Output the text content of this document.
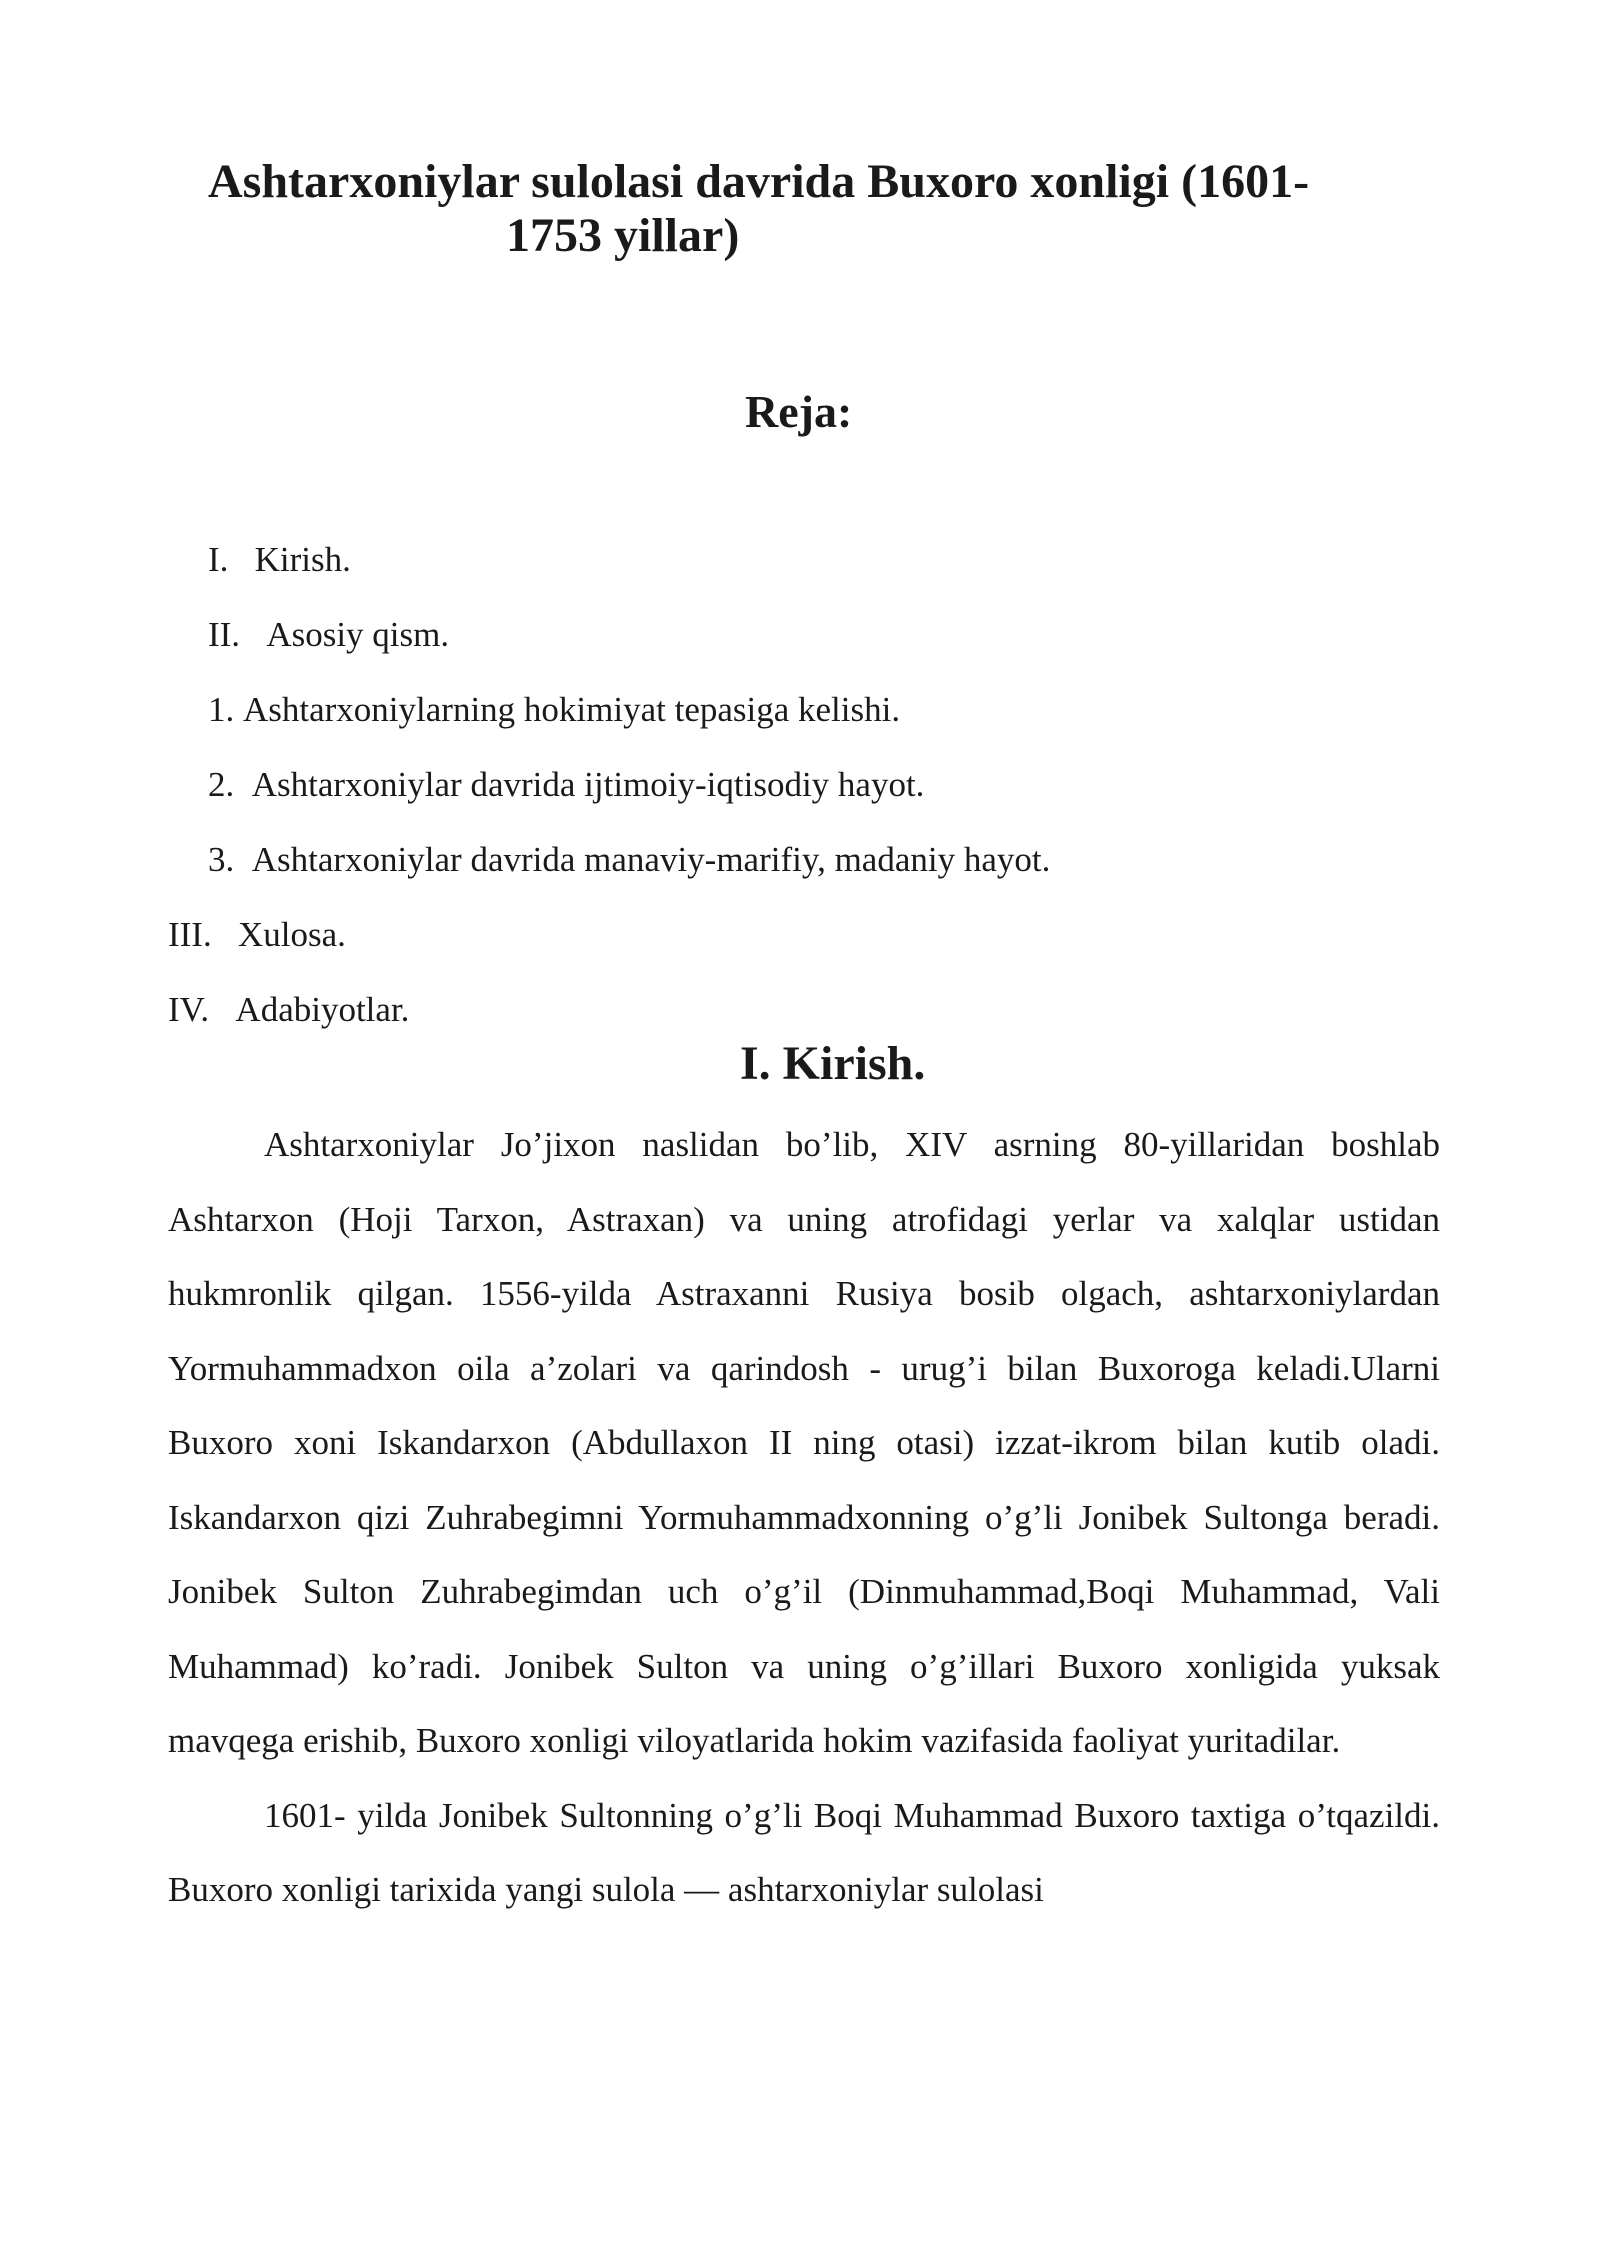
Ashtarxoniylar sulolasi davrida Buxoro xonligi (1601-
1753 yillar)
Reja:
I. Kirish.
II. Asosiy qism.
1. Ashtarxoniylarning hokimiyat tepasiga kelishi.
2. Ashtarxoniylar davrida ijtimoiy-iqtisodiy hayot.
3. Ashtarxoniylar davrida manaviy-marifiy, madaniy hayot.
III. Xulosa.
IV. Adabiyotlar.
I. Kirish.

Ashtarxoniylar Jo’jixon naslidan bo’lib, XIV asrning 80-yillaridan boshlab Ashtarxon (Hoji Tarxon, Astraxan) va uning atrofidagi yerlar va xalqlar ustidan hukmronlik qilgan. 1556-yilda Astraxanni Rusiya bosib olgach, ashtarxoniylardan Yormuhammadxon oila a’zolari va qarindosh - urug’i bilan Buxoroga keladi.Ularni Buxoro xoni Iskandarxon (Abdullaxon II ning otasi) izzat-ikrom bilan kutib oladi. Iskandarxon qizi Zuhrabegimni Yormuhammadxonning o’g’li Jonibek Sultonga beradi. Jonibek Sulton Zuhrabegimdan uch o’g’il (Dinmuhammad,Boqi Muhammad, Vali Muhammad) ko’radi. Jonibek Sulton va uning o’g’illari Buxoro xonligida yuksak mavqega erishib, Buxoro xonligi viloyatlarida hokim vazifasida faoliyat yuritadilar.

1601- yilda Jonibek Sultonning o’g’li Boqi Muhammad Buxoro taxtiga o’tqazildi. Buxoro xonligi tarixida yangi sulola — ashtarxoniylar sulolasi
